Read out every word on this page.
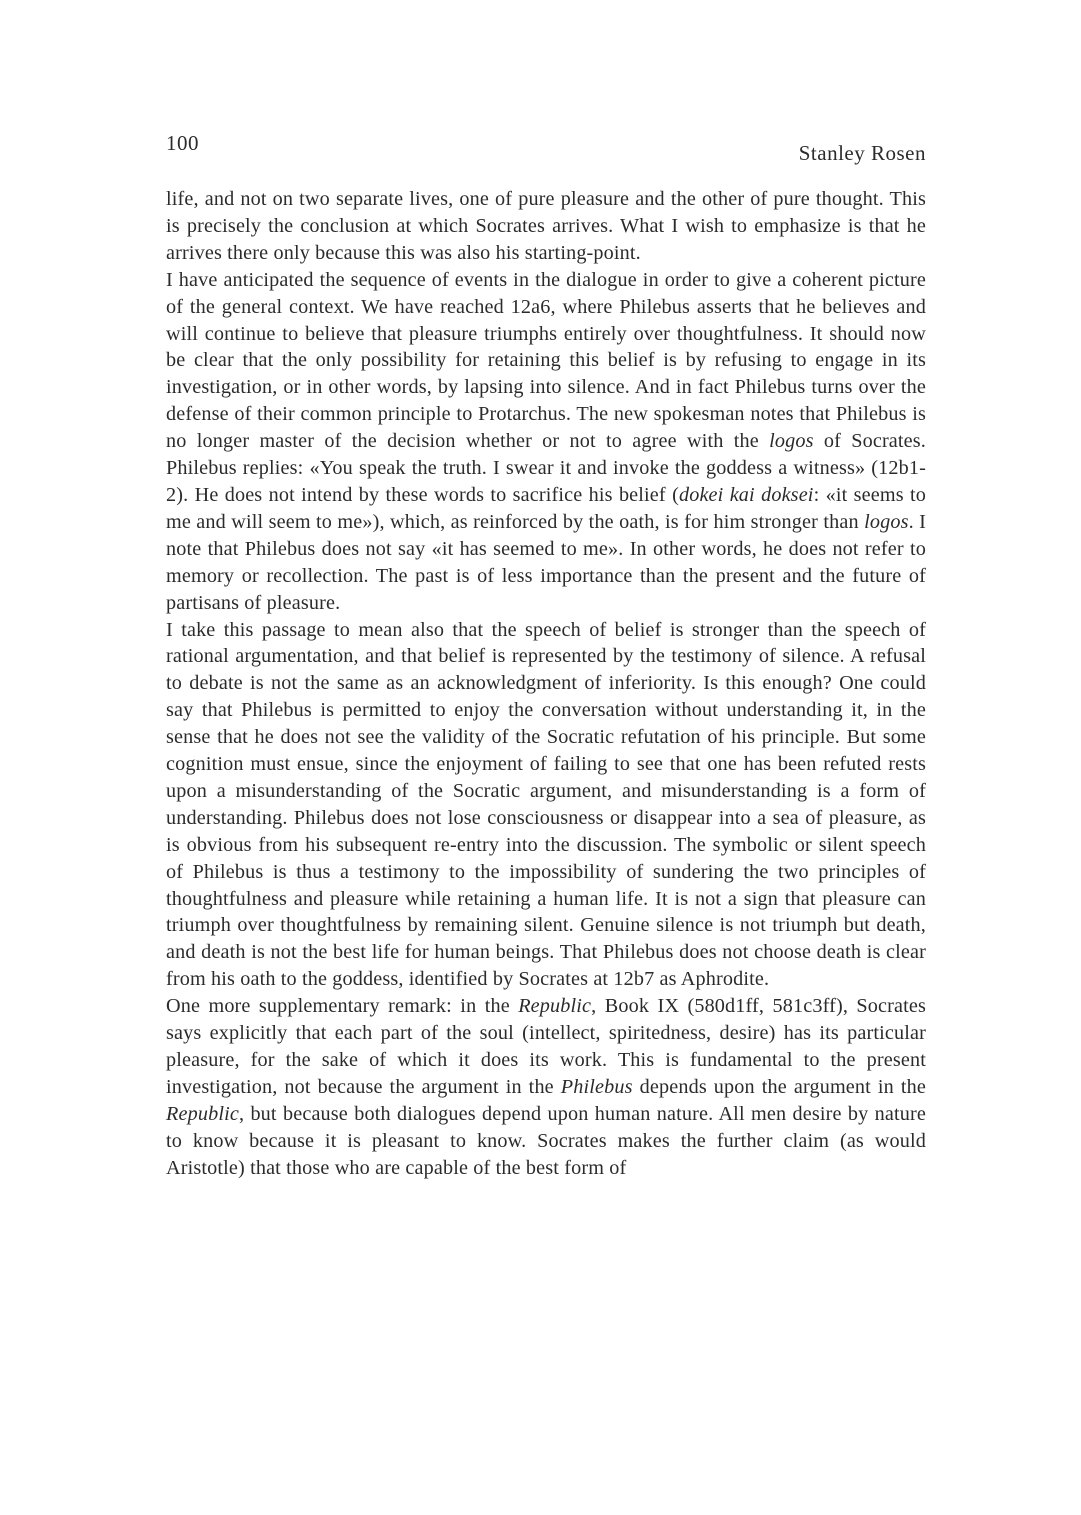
100	Stanley Rosen

life, and not on two separate lives, one of pure pleasure and the other of pure thought. This is precisely the conclusion at which Socrates arrives. What I wish to emphasize is that he arrives there only because this was also his starting-point.

I have anticipated the sequence of events in the dialogue in order to give a coherent picture of the general context. We have reached 12a6, where Philebus asserts that he believes and will continue to believe that pleasure triumphs entirely over thoughtfulness. It should now be clear that the only possibility for retaining this belief is by refusing to engage in its investigation, or in other words, by lapsing into silence. And in fact Philebus turns over the defense of their common principle to Protarchus. The new spokesman notes that Philebus is no longer master of the decision whether or not to agree with the logos of Socrates. Philebus replies: «You speak the truth. I swear it and invoke the goddess a witness» (12b1-2). He does not intend by these words to sacrifice his belief (dokei kai doksei: «it seems to me and will seem to me»), which, as reinforced by the oath, is for him stronger than logos. I note that Philebus does not say «it has seemed to me». In other words, he does not refer to memory or recollection. The past is of less importance than the present and the future of partisans of pleasure.

I take this passage to mean also that the speech of belief is stronger than the speech of rational argumentation, and that belief is represented by the testimony of silence. A refusal to debate is not the same as an acknowledgment of inferiority. Is this enough? One could say that Philebus is permitted to enjoy the conversation without understanding it, in the sense that he does not see the validity of the Socratic refutation of his principle. But some cognition must ensue, since the enjoyment of failing to see that one has been refuted rests upon a misunderstanding of the Socratic argument, and misunderstanding is a form of understanding. Philebus does not lose consciousness or disappear into a sea of pleasure, as is obvious from his subsequent re-entry into the discussion. The symbolic or silent speech of Philebus is thus a testimony to the impossibility of sundering the two principles of thoughtfulness and pleasure while retaining a human life. It is not a sign that pleasure can triumph over thoughtfulness by remaining silent. Genuine silence is not triumph but death, and death is not the best life for human beings. That Philebus does not choose death is clear from his oath to the goddess, identified by Socrates at 12b7 as Aphrodite.

One more supplementary remark: in the Republic, Book IX (580d1ff, 581c3ff), Socrates says explicitly that each part of the soul (intellect, spiritedness, desire) has its particular pleasure, for the sake of which it does its work. This is fundamental to the present investigation, not because the argument in the Philebus depends upon the argument in the Republic, but because both dialogues depend upon human nature. All men desire by nature to know because it is pleasant to know. Socrates makes the further claim (as would Aristotle) that those who are capable of the best form of
